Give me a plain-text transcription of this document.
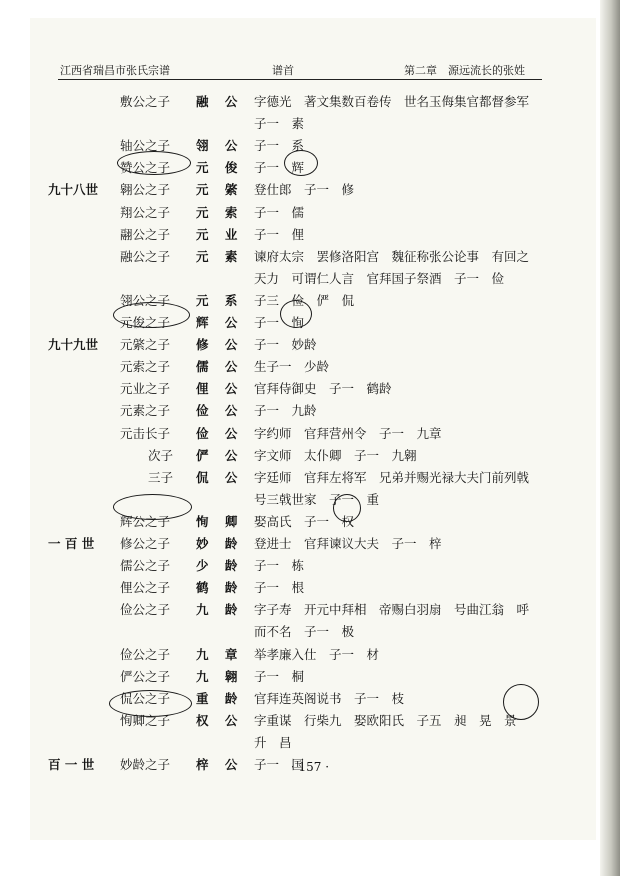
江西省瑞昌市张氏宗谱	谱首	第二章　源远流长的张姓
敷公之子 融 公 字德光　著文集数百卷传　世名玉侮集官都督参军
子一　素
轴公之子 翎 公 子一　系
赞公之子 元 俊 子一　辉
九十八世 翱公之子 元 綮 登仕郎　子一　修
翔公之子 元 索 子一　儒
翮公之子 元 业 子一　俚
融公之子 元 素 谏府太宗　罢修洛阳宫　魏征称张公论事　有回之
天力　可谓仁人言　官拜国子祭酒　子一　俭
翎公之子 元 系 子三　俭　俨　侃
元俊之子 辉 公 子一　恂
九十九世 元綮之子 修 公 子一　妙龄
元索之子 儒 公 生子一　少龄
元业之子 俚 公 官拜侍御史　子一　鹤龄
元素之子 俭 公 子一　九龄
元击长子 俭 公 字约师　官拜营州令　子一　九章
次子 俨 公 字文师　太仆卿　子一　九翱
三子 侃 公 字廷师　官拜左将军　兄弟并赐光禄大夫门前列戟
号三戟世家　子一　重
辉公之子 恂 卿 娶高氏　子一　权
一 百 世 修公之子 妙 龄 登进士　官拜谏议大夫　子一　梓
儒公之子 少 龄 子一　栋
俚公之子 鹤 龄 子一　根
俭公之子 九 龄 字子寿　开元中拜相　帝赐白羽扇　号曲江翁　呼
而不名　子一　极
俭公之子 九 章 举孝廉入仕　子一　材
俨公之子 九 翱 子一　桐
侃公之子 重 龄 官拜连英阁说书　子一　枝
恂卿之子 权 公 字重谋　行柴九　娶欧阳氏　子五　昶　晃　景
升　昌
百 一 世 妙龄之子 梓 公 子一　国
· 157 ·
